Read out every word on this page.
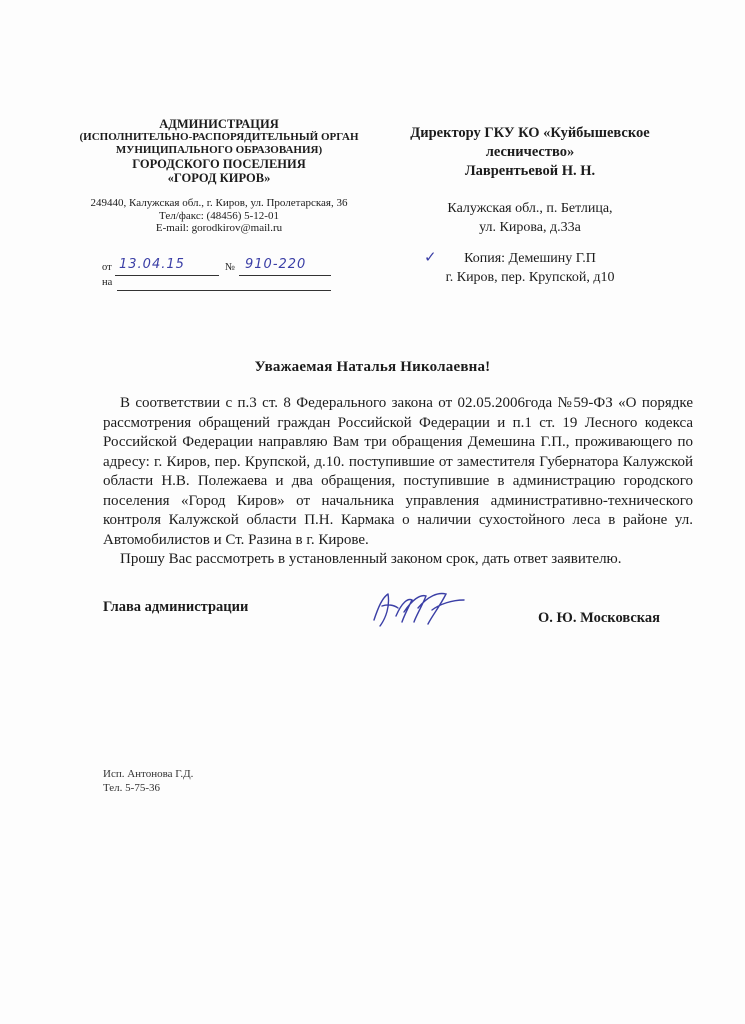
АДМИНИСТРАЦИЯ
(ИСПОЛНИТЕЛЬНО-РАСПОРЯДИТЕЛЬНЫЙ ОРГАН
МУНИЦИПАЛЬНОГО ОБРАЗОВАНИЯ)
ГОРОДСКОГО ПОСЕЛЕНИЯ
«ГОРОД КИРОВ»
249440, Калужская обл., г. Киров, ул. Пролетарская, 36
Тел/факс: (48456) 5-12-01
E-mail: gorodkirov@mail.ru
от 13.04.15	№ 910-220
на
Директору ГКУ КО «Куйбышевское
лесничество»
Лаврентьевой Н. Н.
Калужская обл., п. Бетлица,
ул. Кирова, д.33а
✓ Копия: Демешину Г.П
г. Киров, пер. Крупской, д10
Уважаемая Наталья Николаевна!

В соответствии с п.3 ст. 8 Федерального закона от 02.05.2006года №59-ФЗ «О порядке рассмотрения обращений граждан Российской Федерации и п.1 ст. 19 Лесного кодекса Российской Федерации направляю Вам три обращения Демешина Г.П., проживающего по адресу: г. Киров, пер. Крупской, д.10. поступившие от заместителя Губернатора Калужской области Н.В. Полежаева и два обращения, поступившие в администрацию городского поселения «Город Киров» от начальника управления административно-технического контроля Калужской области П.Н. Кармака о наличии сухостойного леса в районе ул. Автомобилистов и Ст. Разина в г. Кирове.

Прошу Вас рассмотреть в установленный законом срок, дать ответ заявителю.

Глава администрации
О. Ю. Московская
Исп. Антонова Г.Д.
Тел. 5-75-36
